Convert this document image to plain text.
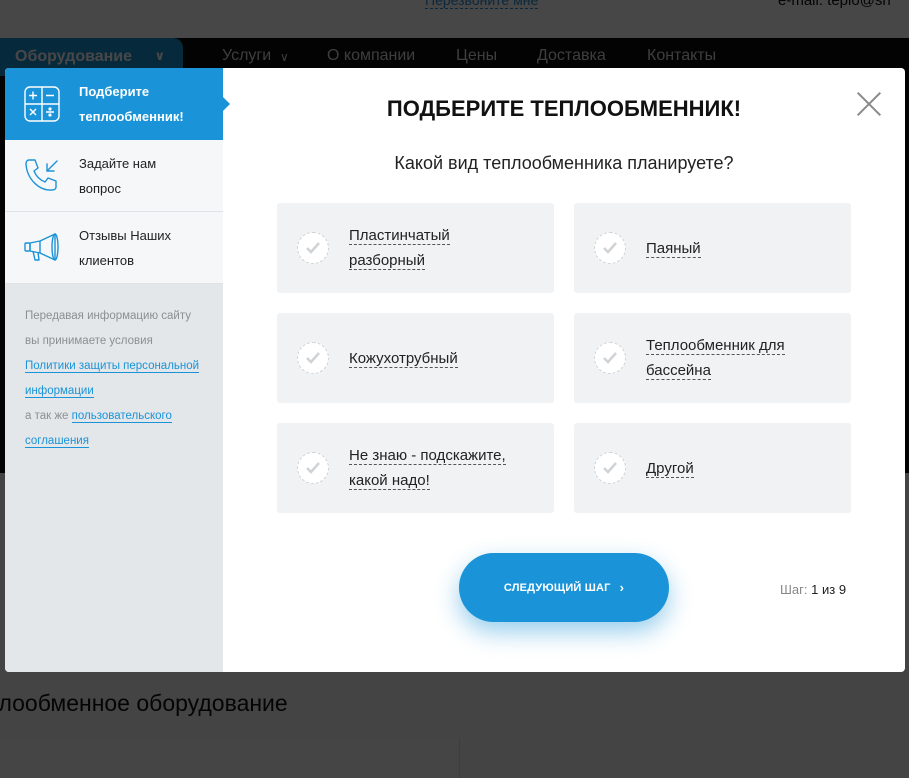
Подберите
теплообменник!
Задайте нам
вопрос
Отзывы Наших
клиентов
Передавая информацию сайту
вы принимаете условия
Политики защиты персональной информации
а так же пользовательского соглашения
ПОДБЕРИТЕ ТЕПЛООБМЕННИК!
Какой вид теплообменника планируете?
Пластинчатый разборный
Паяный
Кожухотрубный
Теплообменник для бассейна
Не знаю - подскажите, какой надо!
Другой
СЛЕДУЮЩИЙ ШАГ ›	Шаг: 1 из 9
